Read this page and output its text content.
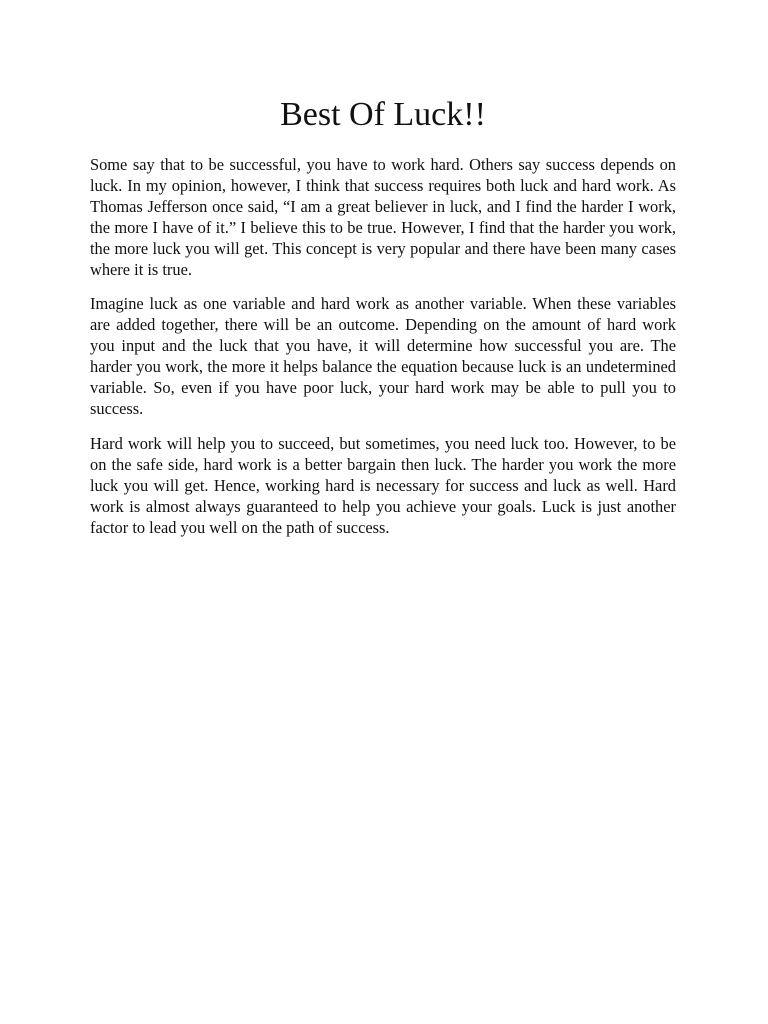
Best Of Luck!!

Some say that to be successful, you have to work hard. Others say success depends on luck. In my opinion, however, I think that success requires both luck and hard work. As Thomas Jefferson once said, “I am a great believer in luck, and I find the harder I work, the more I have of it.” I believe this to be true. However, I find that the harder you work, the more luck you will get. This concept is very popular and there have been many cases where it is true.

Imagine luck as one variable and hard work as another variable. When these variables are added together, there will be an outcome. Depending on the amount of hard work you input and the luck that you have, it will determine how successful you are. The harder you work, the more it helps balance the equation because luck is an undetermined variable. So, even if you have poor luck, your hard work may be able to pull you to success.

Hard work will help you to succeed, but sometimes, you need luck too. However, to be on the safe side, hard work is a better bargain then luck. The harder you work the more luck you will get. Hence, working hard is necessary for success and luck as well. Hard work is almost always guaranteed to help you achieve your goals. Luck is just another factor to lead you well on the path of success.
